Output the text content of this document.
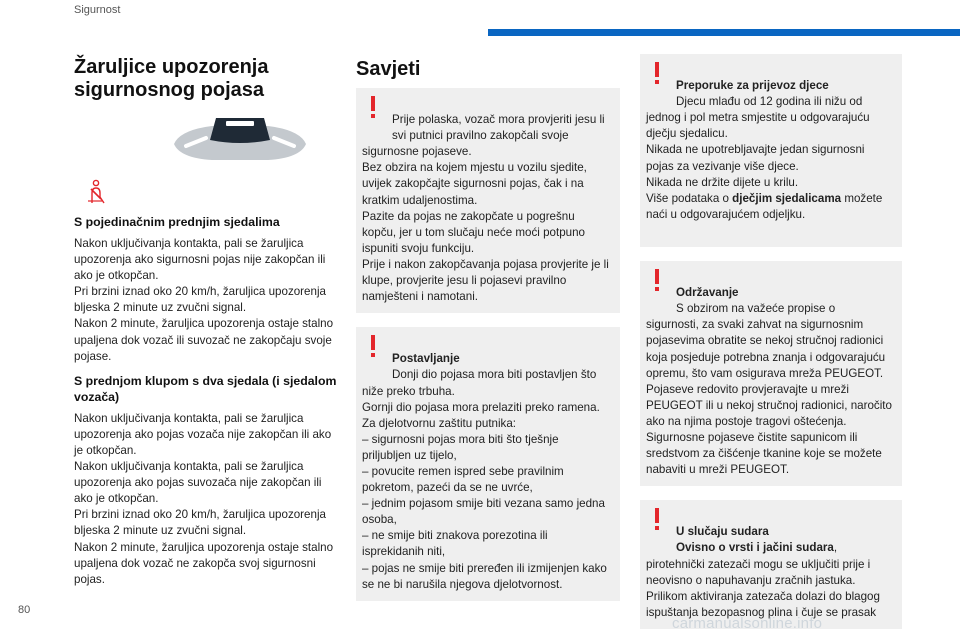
Sigurnost
Žaruljice upozorenja sigurnosnog pojasa

S pojedinačnim prednjim sjedalima
Nakon uključivanja kontakta, pali se žaruljica upozorenja ako sigurnosni pojas nije zakopčan ili ako je otkopčan.
Pri brzini iznad oko 20 km/h, žaruljica upozorenja bljeska 2 minute uz zvučni signal.
Nakon 2 minute, žaruljica upozorenja ostaje stalno upaljena dok vozač ili suvozač ne zakopčaju svoje pojase.
S prednjom klupom s dva sjedala (i sjedalom vozača)
Nakon uključivanja kontakta, pali se žaruljica upozorenja ako pojas vozača nije zakopčan ili ako je otkopčan.
Nakon uključivanja kontakta, pali se žaruljica upozorenja ako pojas suvozača nije zakopčan ili ako je otkopčan.
Pri brzini iznad oko 20 km/h, žaruljica upozorenja bljeska 2 minute uz zvučni signal.
Nakon 2 minute, žaruljica upozorenja ostaje stalno upaljena dok vozač ne zakopča svoj sigurnosni pojas.
Savjeti

Prije polaska, vozač mora provjeriti jesu li svi putnici pravilno zakopčali svoje
sigurnosne pojaseve.
Bez obzira na kojem mjestu u vozilu sjedite, uvijek zakopčajte sigurnosni pojas, čak i na kratkim udaljenostima.
Pazite da pojas ne zakopčate u pogrešnu kopču, jer u tom slučaju neće moći potpuno ispuniti svoju funkciju.
Prije i nakon zakopčavanja pojasa provjerite je li klupe, provjerite jesu li pojasevi pravilno namješteni i namotani.

Postavljanje
Donji dio pojasa mora biti postavljen što
niže preko trbuha.
Gornji dio pojasa mora prelaziti preko ramena.
Za djelotvornu zaštitu putnika:
– sigurnosni pojas mora biti što tješnje priljubljen uz tijelo,
– povucite remen ispred sebe pravilnim pokretom, pazeći da se ne uvrće,
– jednim pojasom smije biti vezana samo jedna osoba,
– ne smije biti znakova porezotina ili isprekidanih niti,
– pojas ne smije biti preređen ili izmijenjen kako se ne bi narušila njegova djelotvornost.

Preporuke za prijevoz djece
Djecu mlađu od 12 godina ili nižu od
jednog i pol metra smjestite u odgovarajuću dječju sjedalicu.
Nikada ne upotrebljavajte jedan sigurnosni pojas za vezivanje više djece.
Nikada ne držite dijete u krilu.

Više podataka o dječjim sjedalicama možete naći u odgovarajućem odjeljku.

Održavanje
S obzirom na važeće propise o
sigurnosti, za svaki zahvat na sigurnosnim pojasevima obratite se nekoj stručnoj radionici koja posjeduje potrebna znanja i odgovarajuću opremu, što vam osigurava mreža PEUGEOT.
Pojaseve redovito provjeravajte u mreži PEUGEOT ili u nekoj stručnoj radionici, naročito ako na njima postoje tragovi oštećenja.
Sigurnosne pojaseve čistite sapunicom ili sredstvom za čišćenje tkanine koje se možete nabaviti u mreži PEUGEOT.

U slučaju sudara
Ovisno o vrsti i jačini sudara,
pirotehnički zatezači mogu se uključiti prije i neovisno o napuhavanju zračnih jastuka.
Prilikom aktiviranja zatezača dolazi do blagog ispuštanja bezopasnog plina i čuje se prasak

80
carmanualsonline.info
